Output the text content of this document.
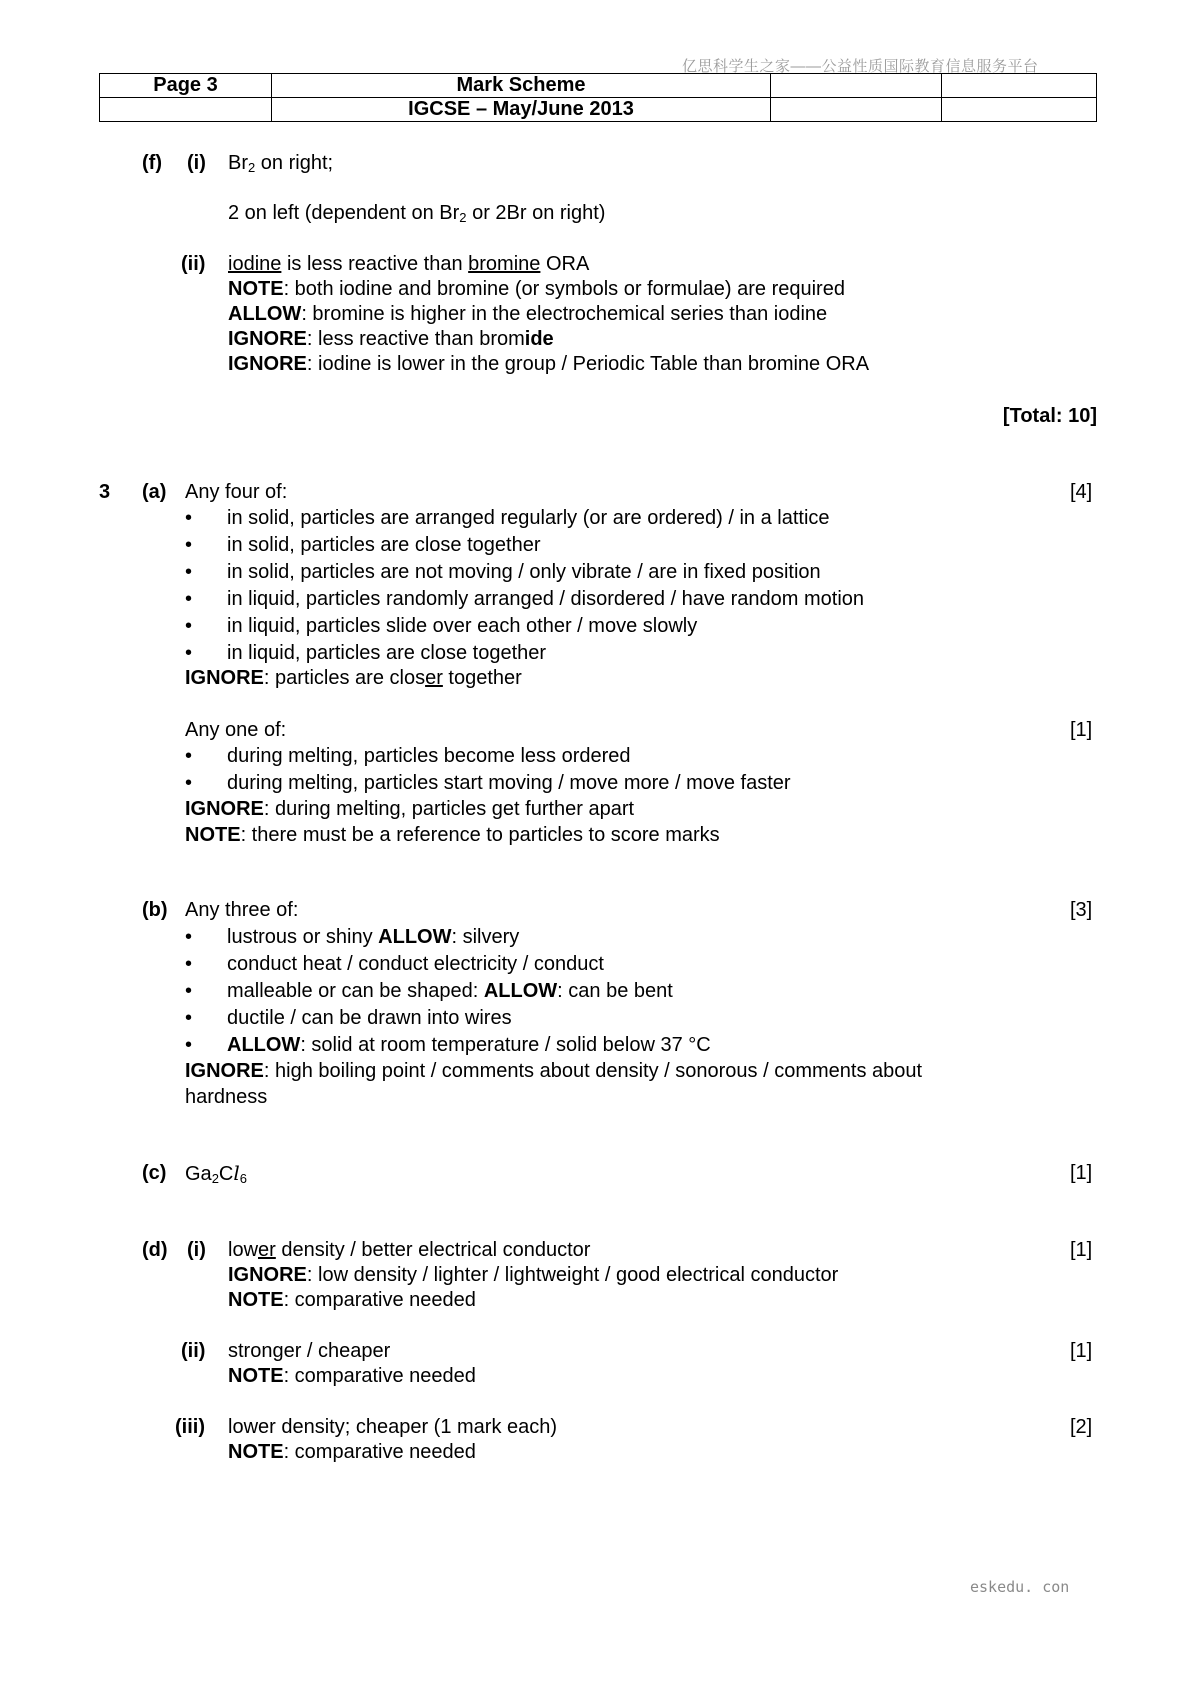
亿思科学生之家——公益性质国际教育信息服务平台
Page 3	Mark Scheme		
	IGCSE – May/June 2013		
(f) (i) $Br_2$ on right;
2 on left (dependent on $Br_2$ or 2Br on right)
(ii) iodine is less reactive than bromine ORA
NOTE: both iodine and bromine (or symbols or formulae) are required
ALLOW: bromine is higher in the electrochemical series than iodine
IGNORE: less reactive than bromide
IGNORE: iodine is lower in the group / Periodic Table than bromine ORA
[Total: 10]
3 (a) Any four of:	[4]
• in solid, particles are arranged regularly (or are ordered) / in a lattice
• in solid, particles are close together
• in solid, particles are not moving / only vibrate / are in fixed position
• in liquid, particles randomly arranged / disordered / have random motion
• in liquid, particles slide over each other / move slowly
• in liquid, particles are close together
IGNORE: particles are closer together
Any one of:	[1]
• during melting, particles become less ordered
• during melting, particles start moving / move more / move faster
IGNORE: during melting, particles get further apart
NOTE: there must be a reference to particles to score marks
(b) Any three of:	[3]
• lustrous or shiny ALLOW: silvery
• conduct heat / conduct electricity / conduct
• malleable or can be shaped: ALLOW: can be bent
• ductile / can be drawn into wires
• ALLOW: solid at room temperature / solid below 37 °C
IGNORE: high boiling point / comments about density / sonorous / comments about
hardness
(c) $Ga_2Cl_6$	[1]
(d) (i) lower density / better electrical conductor	[1]
IGNORE: low density / lighter / lightweight / good electrical conductor
NOTE: comparative needed
(ii) stronger / cheaper	[1]
NOTE: comparative needed
(iii) lower density; cheaper (1 mark each)	[2]
NOTE: comparative needed
eskedu. con
